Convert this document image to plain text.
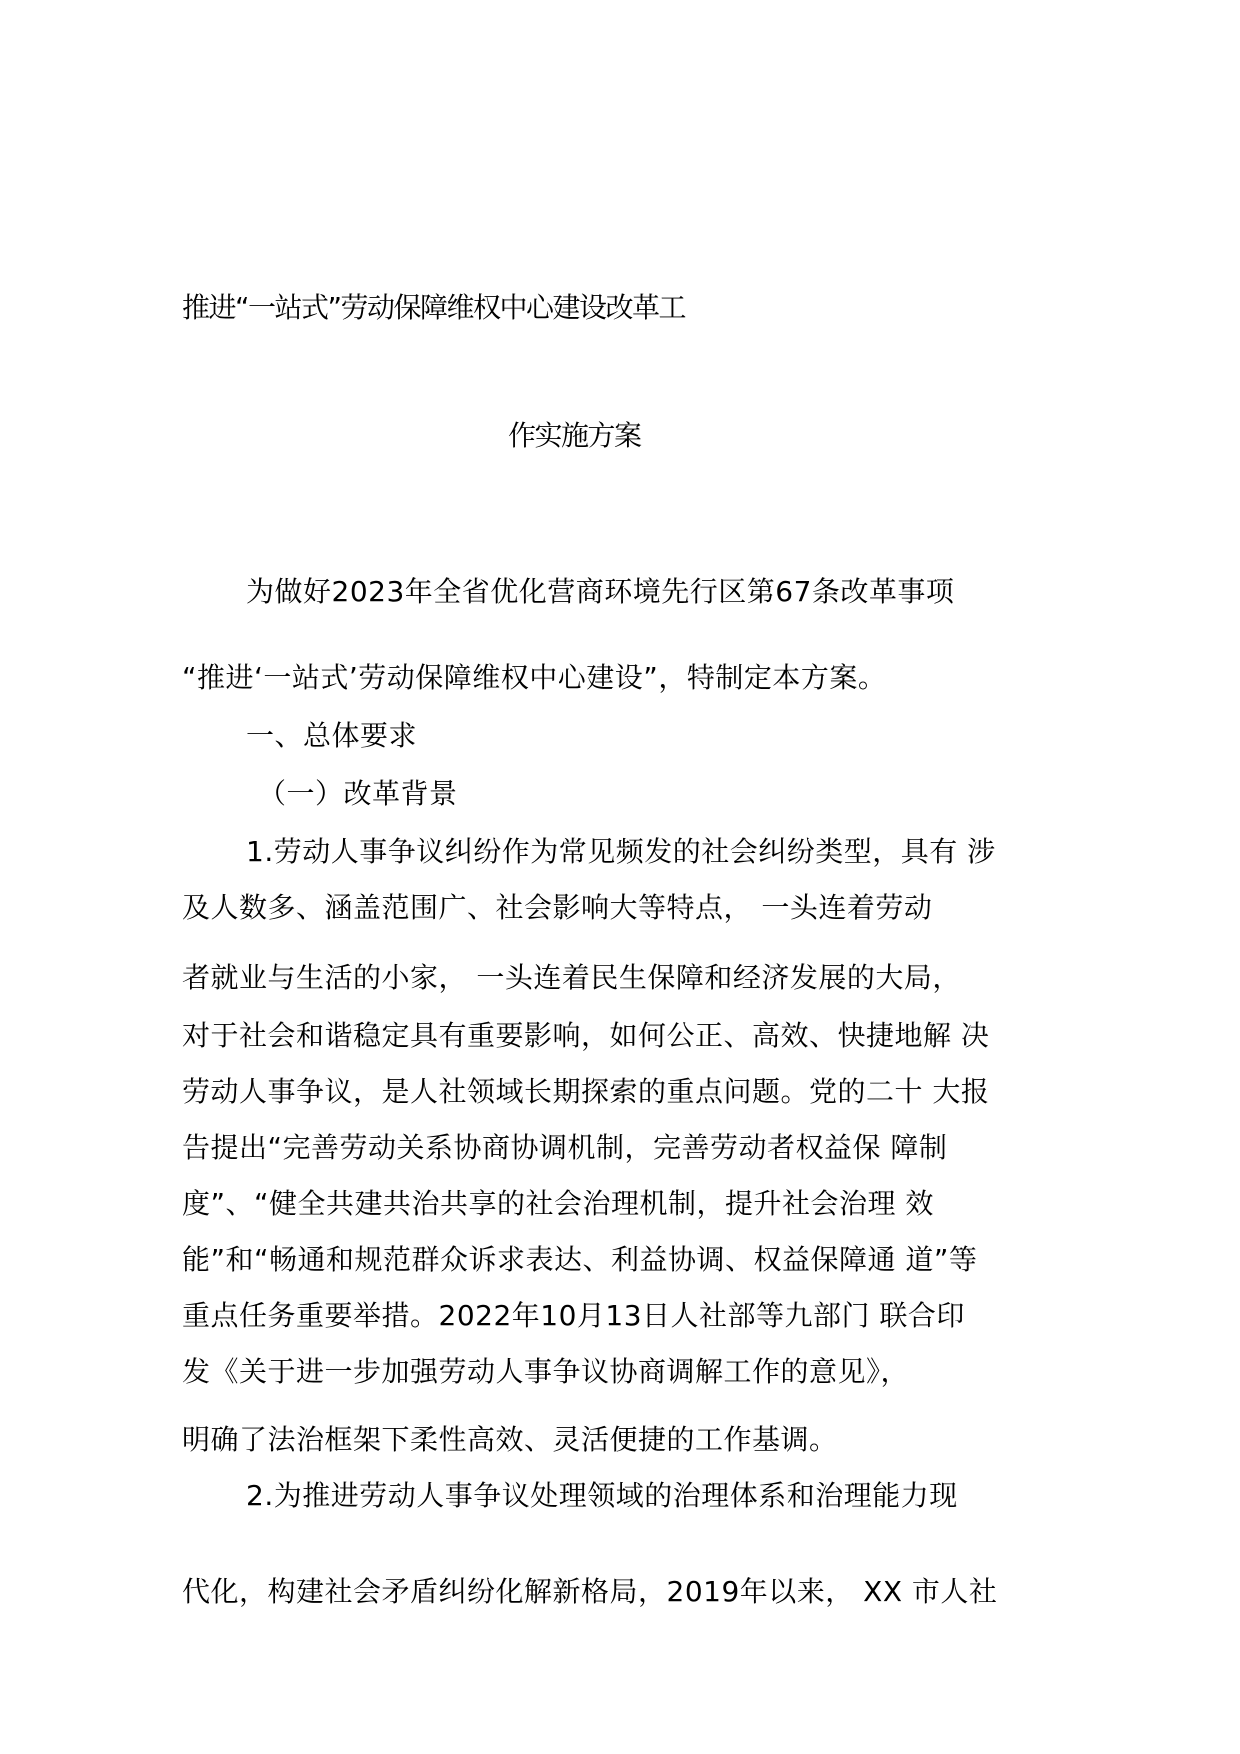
推进“一站式”劳动保障维权中心建设改革工
作实施方案
为做好2023年全省优化营商环境先行区第67条改革事项
“推进‘一站式’劳动保障维权中心建设”，特制定本方案。
一、总体要求
（一）改革背景
1.劳动人事争议纠纷作为常见频发的社会纠纷类型，具有 涉
及人数多、涵盖范围广、社会影响大等特点， 一头连着劳动
者就业与生活的小家， 一头连着民生保障和经济发展的大局，
对于社会和谐稳定具有重要影响，如何公正、高效、快捷地解 决
劳动人事争议，是人社领域长期探索的重点问题。党的二十 大报
告提出“完善劳动关系协商协调机制，完善劳动者权益保 障制
度”、“健全共建共治共享的社会治理机制，提升社会治理 效
能”和“畅通和规范群众诉求表达、利益协调、权益保障通 道”等
重点任务重要举措。2022年10月13日人社部等九部门 联合印
发《关于进一步加强劳动人事争议协商调解工作的意见》，
明确了法治框架下柔性高效、灵活便捷的工作基调。
2.为推进劳动人事争议处理领域的治理体系和治理能力现
代化，构建社会矛盾纠纷化解新格局，2019年以来， XX 市人社
